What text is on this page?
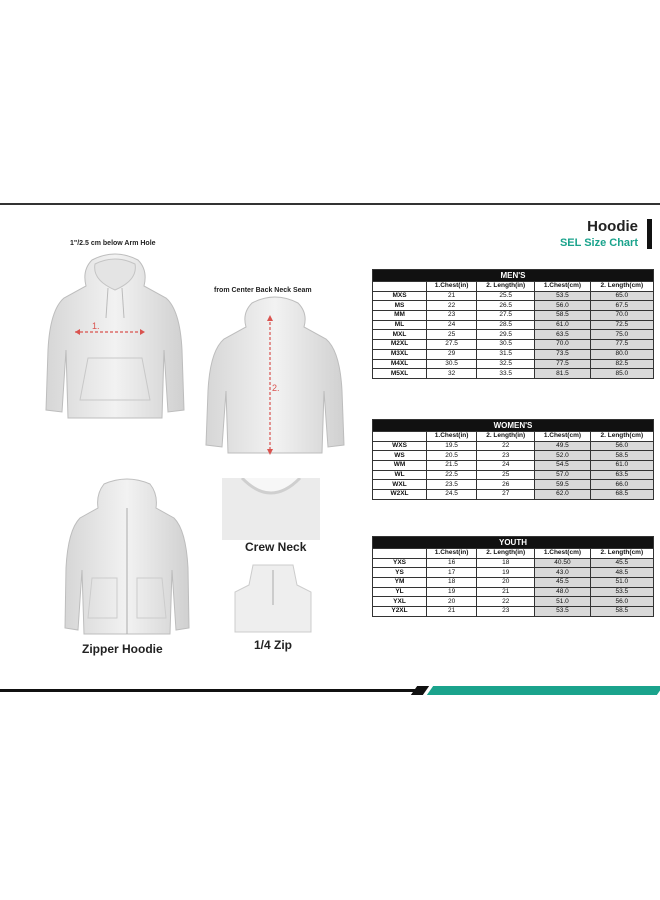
Hoodie
SEL Size Chart
1"/2.5 cm below Arm Hole
1.
from Center Back Neck Seam
2.
Zipper Hoodie
Crew Neck
1/4 Zip
MEN'S				
	1.Chest(in)	2. Length(in)	1.Chest(cm)	2. Length(cm)
MXS	21	25.5	53.5	65.0
MS	22	26.5	56.0	67.5
MM	23	27.5	58.5	70.0
ML	24	28.5	61.0	72.5
MXL	25	29.5	63.5	75.0
M2XL	27.5	30.5	70.0	77.5
M3XL	29	31.5	73.5	80.0
M4XL	30.5	32.5	77.5	82.5
M5XL	32	33.5	81.5	85.0
WOMEN'S				
	1.Chest(in)	2. Length(in)	1.Chest(cm)	2. Length(cm)
WXS	19.5	22	49.5	56.0
WS	20.5	23	52.0	58.5
WM	21.5	24	54.5	61.0
WL	22.5	25	57.0	63.5
WXL	23.5	26	59.5	66.0
W2XL	24.5	27	62.0	68.5
YOUTH				
	1.Chest(in)	2. Length(in)	1.Chest(cm)	2. Length(cm)
YXS	16	18	40.50	45.5
YS	17	19	43.0	48.5
YM	18	20	45.5	51.0
YL	19	21	48.0	53.5
YXL	20	22	51.0	56.0
Y2XL	21	23	53.5	58.5
